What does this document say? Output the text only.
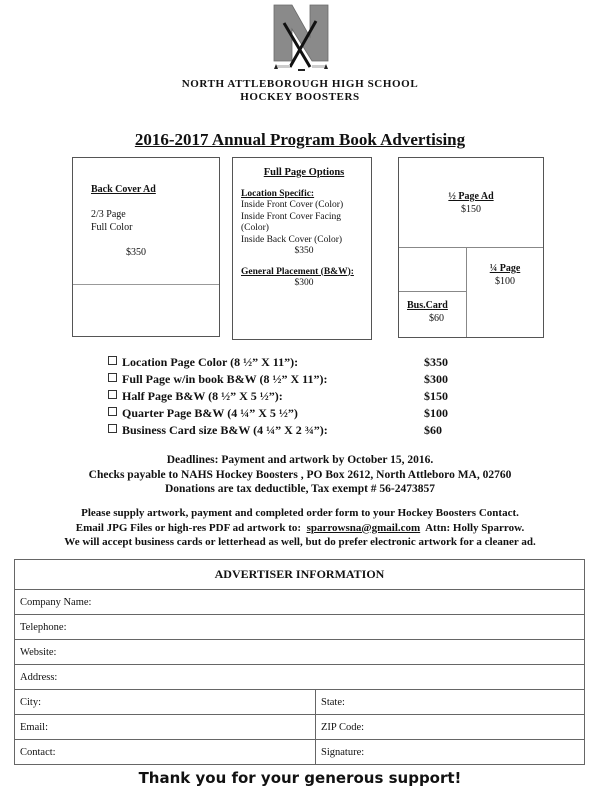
NORTH ATTLEBOROUGH HIGH SCHOOL
HOCKEY BOOSTERS
2016-2017 Annual Program Book Advertising
Back Cover Ad
2/3 Page
Full Color
$350
Full Page Options
Location Specific:
Inside Front Cover (Color)
Inside Front Cover Facing
(Color)
Inside Back Cover (Color)
$350
General Placement (B&W):
$300
½ Page Ad
$150
¼ Page
$100
Bus.Card
$60
Location Page Color (8 ½” X 11”):	$350
Full Page w/in book B&W (8 ½” X 11”):	$300
Half Page B&W (8 ½” X 5 ½”):	$150
Quarter Page B&W (4 ¼” X 5 ½”)	$100
Business Card size B&W (4 ¼” X 2 ¾”):	$60
Deadlines: Payment and artwork by October 15, 2016.
Checks payable to NAHS Hockey Boosters , PO Box 2612, North Attleboro MA, 02760
Donations are tax deductible, Tax exempt # 56-2473857
Please supply artwork, payment and completed order form to your Hockey Boosters Contact.
Email JPG Files or high-res PDF ad artwork to:  sparrowsna@gmail.com  Attn: Holly Sparrow.
We will accept business cards or letterhead as well, but do prefer electronic artwork for a cleaner ad.
ADVERTISER INFORMATION	
Company Name:	
Telephone:	
Website:	
Address:	
City:	State:
Email:	ZIP Code:
Contact:	Signature:
Thank you for your generous support!
